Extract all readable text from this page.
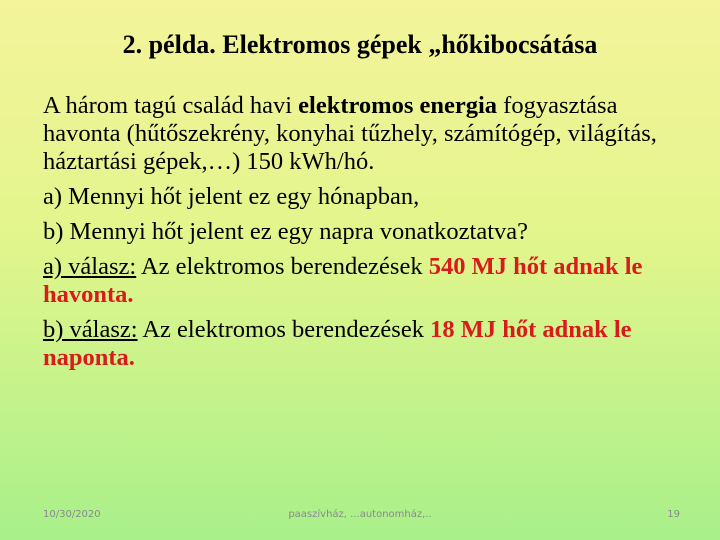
2. példa. Elektromos gépek „hőkibocsátása

A három tagú család havi elektromos energia fogyasztása havonta (hűtőszekrény, konyhai tűzhely, számítógép, világítás, háztartási gépek,…) 150 kWh/hó.

a) Mennyi hőt jelent ez egy hónapban,

b) Mennyi hőt jelent ez egy napra vonatkoztatva?

a) válasz: Az elektromos berendezések 540 MJ hőt adnak le havonta.

b) válasz: Az elektromos berendezések 18 MJ hőt adnak le naponta.

10/30/2020	paaszívház, ...autonomház,..	19
